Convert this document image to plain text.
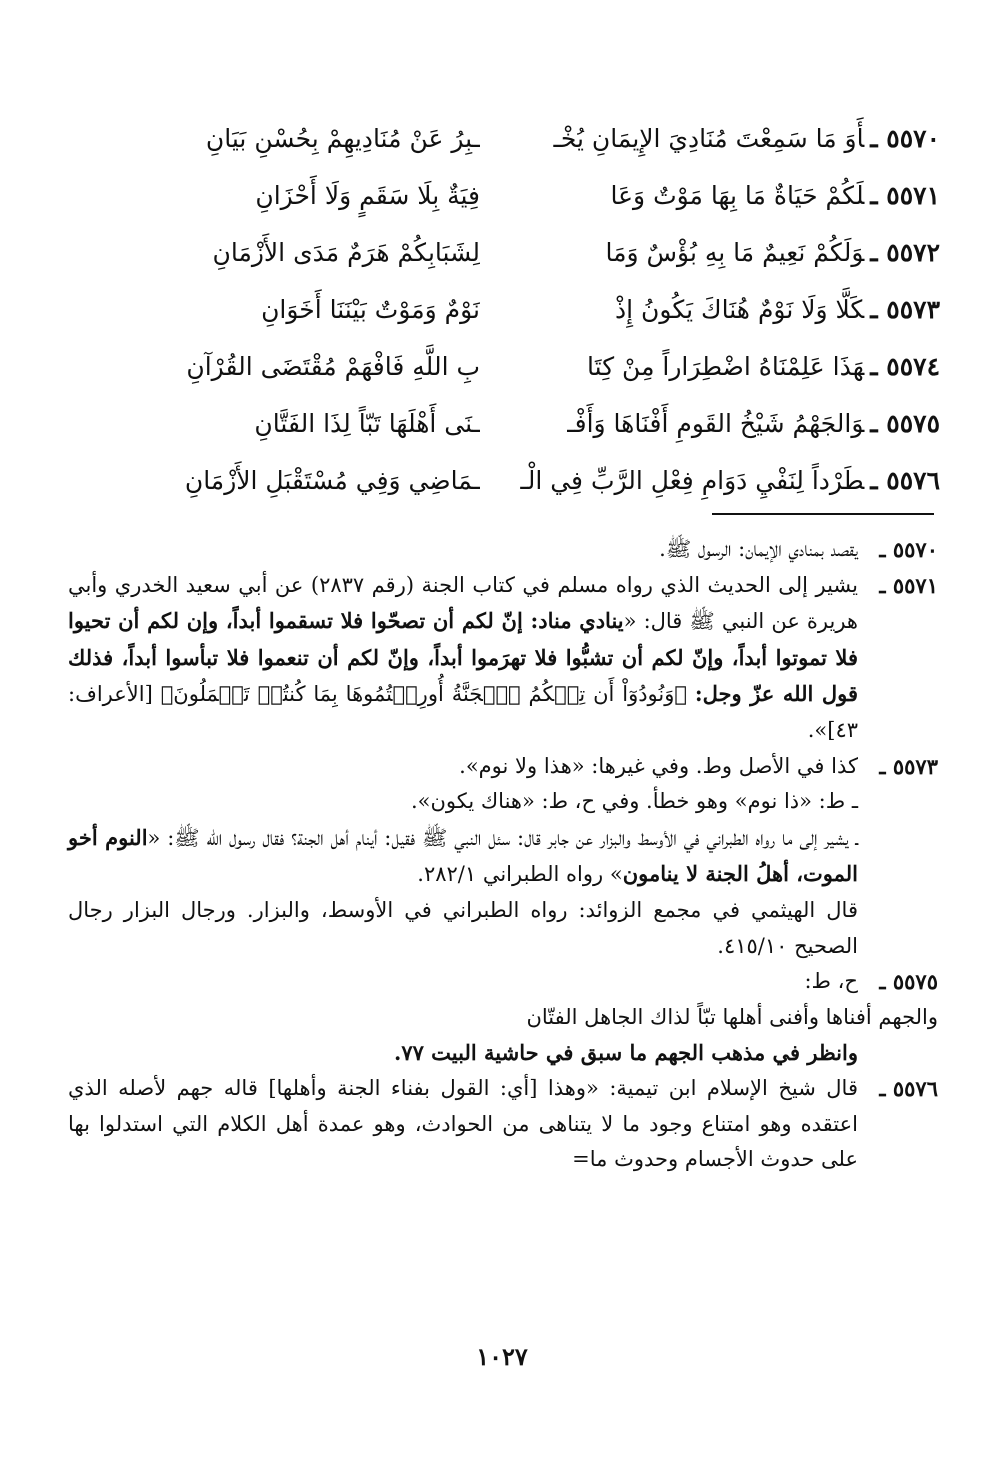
٥٥٧٠ ـأَوَ مَا سَمِعْتَ مُنَادِيَ الإِيمَانِ يُخْـ
ـبِرُ عَنْ مُنَادِيهِمْ بِحُسْنِ بَيَانِ
٥٥٧١ ـلَكُمْ حَيَاةٌ مَا بِهَا مَوْتٌ وَعَا
فِيَةٌ بِلَا سَقَمٍ وَلَا أَحْزَانِ
٥٥٧٢ ـوَلَكُمْ نَعِيمٌ مَا بِهِ بُؤْسٌ وَمَا
لِشَبَابِكُمْ هَرَمٌ مَدَى الأَزْمَانِ
٥٥٧٣ ـكَلَّا وَلَا نَوْمٌ هُنَاكَ يَكُونُ إِذْ
نَوْمٌ وَمَوْتٌ بَيْنَنَا أَخَوَانِ
٥٥٧٤ ـهَذَا عَلِمْنَاهُ اضْطِرَاراً مِنْ كِتَا
بِ اللَّهِ فَافْهَمْ مُقْتَضَى القُرْآنِ
٥٥٧٥ ـوَالجَهْمُ شَيْخُ القَومِ أَفْنَاهَا وَأَفْـ
ـنَى أَهْلَهَا تَبّاً لِذَا الفَتَّانِ
٥٥٧٦ ـطَرْداً لِنَفْيِ دَوَامِ فِعْلِ الرَّبِّ فِي الْـ
ـمَاضِي وَفِي مُسْتَقْبَلِ الأَزْمَانِ
٥٥٧٠ ـ

يقصد بمنادي الإيمان: الرسول ﷺ.

٥٥٧١ ـ

يشير إلى الحديث الذي رواه مسلم في كتاب الجنة (رقم ٢٨٣٧) عن أبي سعيد الخدري وأبي هريرة عن النبي ﷺ قال: «ينادي مناد: إنّ لكم أن تصحّوا فلا تسقموا أبداً، وإن لكم أن تحيوا فلا تموتوا أبداً، وإنّ لكم أن تشبُّوا فلا تهرَموا أبداً، وإنّ لكم أن تنعموا فلا تبأسوا أبداً، فذلك قول الله عزّ وجل: ﴿وَنُودُوٓاْ أَن تِلۡكُمُ ٱلۡجَنَّةُ أُورِثۡتُمُوهَا بِمَا كُنتُمۡ تَعۡمَلُونَ﴾ [الأعراف: ٤٣]».

٥٥٧٣ ـ

كذا في الأصل وط. وفي غيرها: «هذا ولا نوم».

ـ ط: «ذا نوم» وهو خطأ. وفي ح، ط: «هناك يكون».

ـ يشير إلى ما رواه الطبراني في الأوسط والبزار عن جابر قال: سئل النبي ﷺ فقيل: أينام أهل الجنة؟ فقال رسول الله ﷺ: «النوم أخو الموت، أهلُ الجنة لا ينامون» رواه الطبراني ٢٨٢/١.

قال الهيثمي في مجمع الزوائد: رواه الطبراني في الأوسط، والبزار. ورجال البزار رجال الصحيح ٤١٥/١٠.

٥٥٧٥ ـ

ح، ط:

والجهم أفناها وأفنى أهلها تبّاً لذاك الجاهل الفتّان

وانظر في مذهب الجهم ما سبق في حاشية البيت ٧٧.

٥٥٧٦ ـ

قال شيخ الإسلام ابن تيمية: «وهذا [أي: القول بفناء الجنة وأهلها] قاله جهم لأصله الذي اعتقده وهو امتناع وجود ما لا يتناهى من الحوادث، وهو عمدة أهل الكلام التي استدلوا بها على حدوث الأجسام وحدوث ما=

١٠٢٧
